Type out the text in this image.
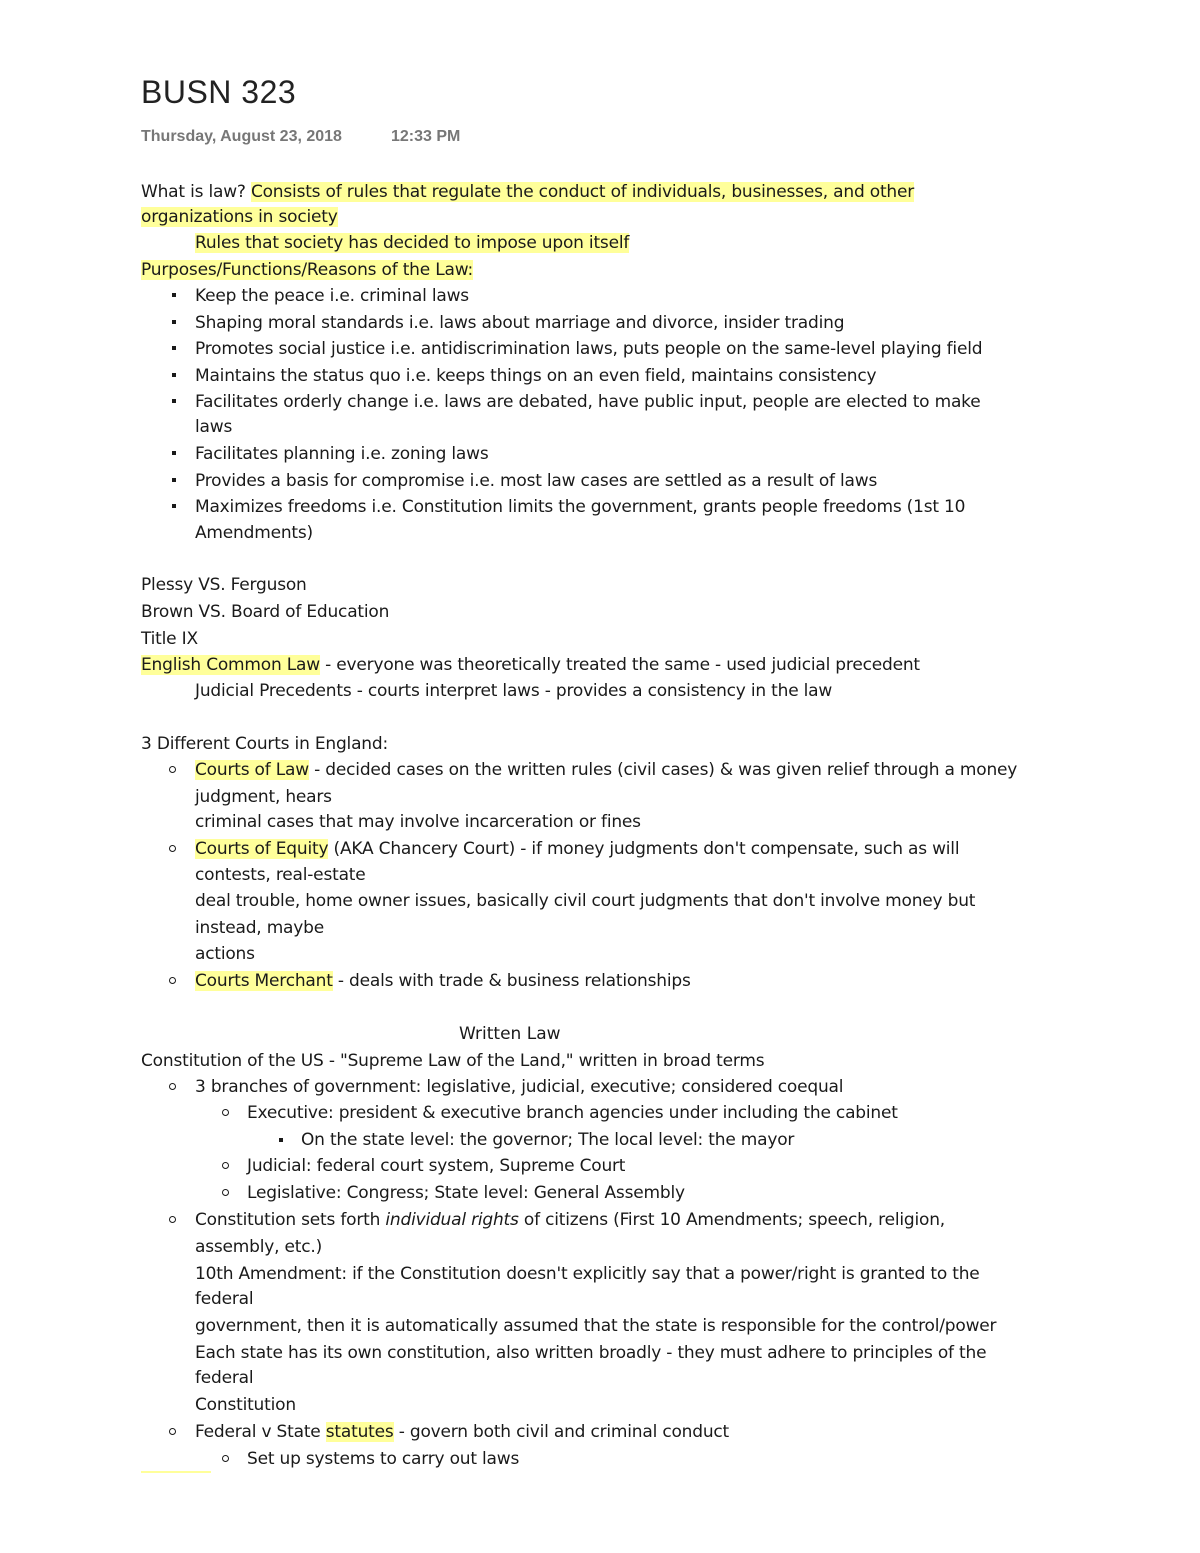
BUSN 323
Thursday, August 23, 2018	12:33 PM
What is law? Consists of rules that regulate the conduct of individuals, businesses, and other
organizations in society
Rules that society has decided to impose upon itself
Purposes/Functions/Reasons of the Law:
Keep the peace i.e. criminal laws
Shaping moral standards i.e. laws about marriage and divorce, insider trading
Promotes social justice i.e. antidiscrimination laws, puts people on the same-level playing field
Maintains the status quo i.e. keeps things on an even field, maintains consistency
Facilitates orderly change i.e. laws are debated, have public input, people are elected to make
laws
Facilitates planning i.e. zoning laws
Provides a basis for compromise i.e. most law cases are settled as a result of laws
Maximizes freedoms i.e. Constitution limits the government, grants people freedoms (1st 10
Amendments)
Plessy VS. Ferguson
Brown VS. Board of Education
Title IX
English Common Law - everyone was theoretically treated the same - used judicial precedent
Judicial Precedents - courts interpret laws - provides a consistency in the law
3 Different Courts in England:
Courts of Law - decided cases on the written rules (civil cases) & was given relief through a money
judgment, hears
criminal cases that may involve incarceration or fines
Courts of Equity (AKA Chancery Court) - if money judgments don't compensate, such as will
contests, real-estate
deal trouble, home owner issues, basically civil court judgments that don't involve money but
instead, maybe
actions
Courts Merchant - deals with trade & business relationships
Written Law
Constitution of the US - "Supreme Law of the Land," written in broad terms
3 branches of government: legislative, judicial, executive; considered coequal
Executive: president & executive branch agencies under including the cabinet
On the state level: the governor; The local level: the mayor
Judicial: federal court system, Supreme Court
Legislative: Congress; State level: General Assembly
Constitution sets forth individual rights of citizens (First 10 Amendments; speech, religion,
assembly, etc.)
10th Amendment: if the Constitution doesn't explicitly say that a power/right is granted to the
federal
government, then it is automatically assumed that the state is responsible for the control/power
Each state has its own constitution, also written broadly - they must adhere to principles of the
federal
Constitution
Federal v State statutes - govern both civil and criminal conduct
Set up systems to carry out laws
